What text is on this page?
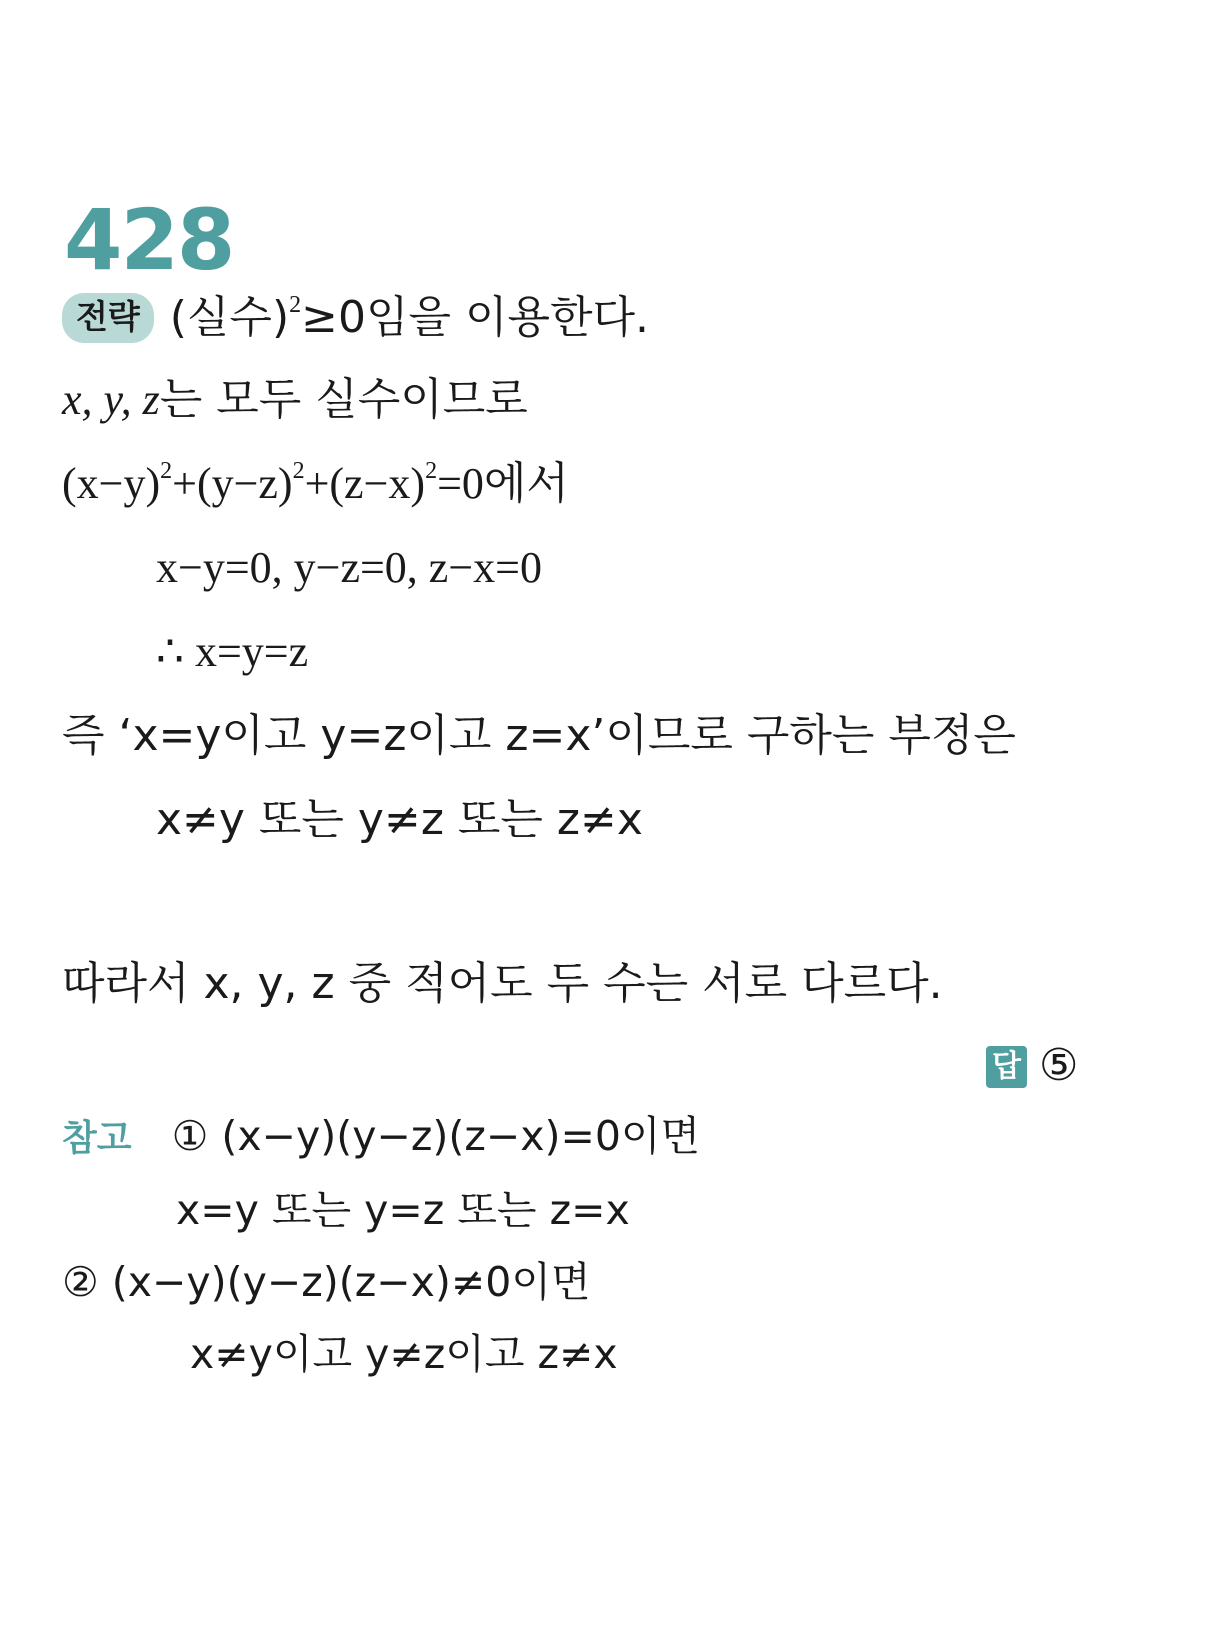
428
전략 (실수)$^2$≥0임을 이용한다.
x, y, z는 모두 실수이므로
$(x-y)^2+(y-z)^2+(z-x)^2=0$에서
x−y=0, y−z=0, z−x=0
∴ x=y=z
즉 ‘x=y이고 y=z이고 z=x’이므로 구하는 부정은
x≠y 또는 y≠z 또는 z≠x
따라서 x, y, z 중 적어도 두 수는 서로 다르다.
답 ⑤
참고 ① (x−y)(y−z)(z−x)=0이면
x=y 또는 y=z 또는 z=x
② (x−y)(y−z)(z−x)≠0이면
x≠y이고 y≠z이고 z≠x
